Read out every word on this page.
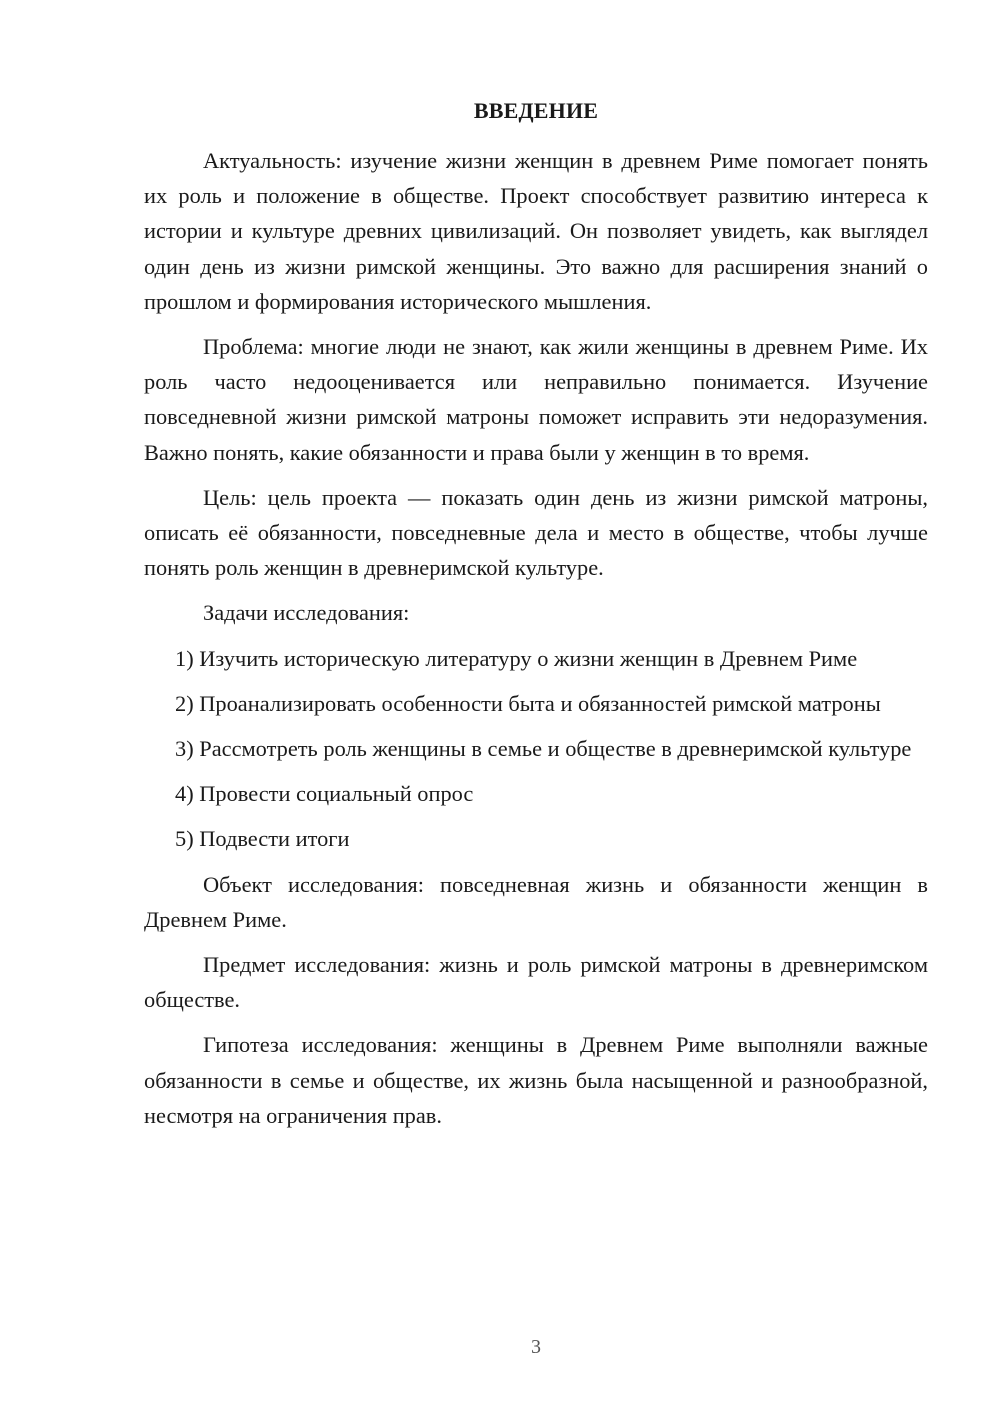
ВВЕДЕНИЕ

Актуальность: изучение жизни женщин в древнем Риме помогает понять их роль и положение в обществе. Проект способствует развитию интереса к истории и культуре древних цивилизаций. Он позволяет увидеть, как выглядел один день из жизни римской женщины. Это важно для расширения знаний о прошлом и формирования исторического мышления.

Проблема: многие люди не знают, как жили женщины в древнем Риме. Их роль часто недооценивается или неправильно понимается. Изучение повседневной жизни римской матроны поможет исправить эти недоразумения. Важно понять, какие обязанности и права были у женщин в то время.

Цель: цель проекта — показать один день из жизни римской матроны, описать её обязанности, повседневные дела и место в обществе, чтобы лучше понять роль женщин в древнеримской культуре.

Задачи исследования:

1) Изучить историческую литературу о жизни женщин в Древнем Риме

2) Проанализировать особенности быта и обязанностей римской матроны

3) Рассмотреть роль женщины в семье и обществе в древнеримской культуре

4) Провести социальный опрос

5) Подвести итоги

Объект исследования: повседневная жизнь и обязанности женщин в Древнем Риме.

Предмет исследования: жизнь и роль римской матроны в древнеримском обществе.

Гипотеза исследования: женщины в Древнем Риме выполняли важные обязанности в семье и обществе, их жизнь была насыщенной и разнообразной, несмотря на ограничения прав.

3
